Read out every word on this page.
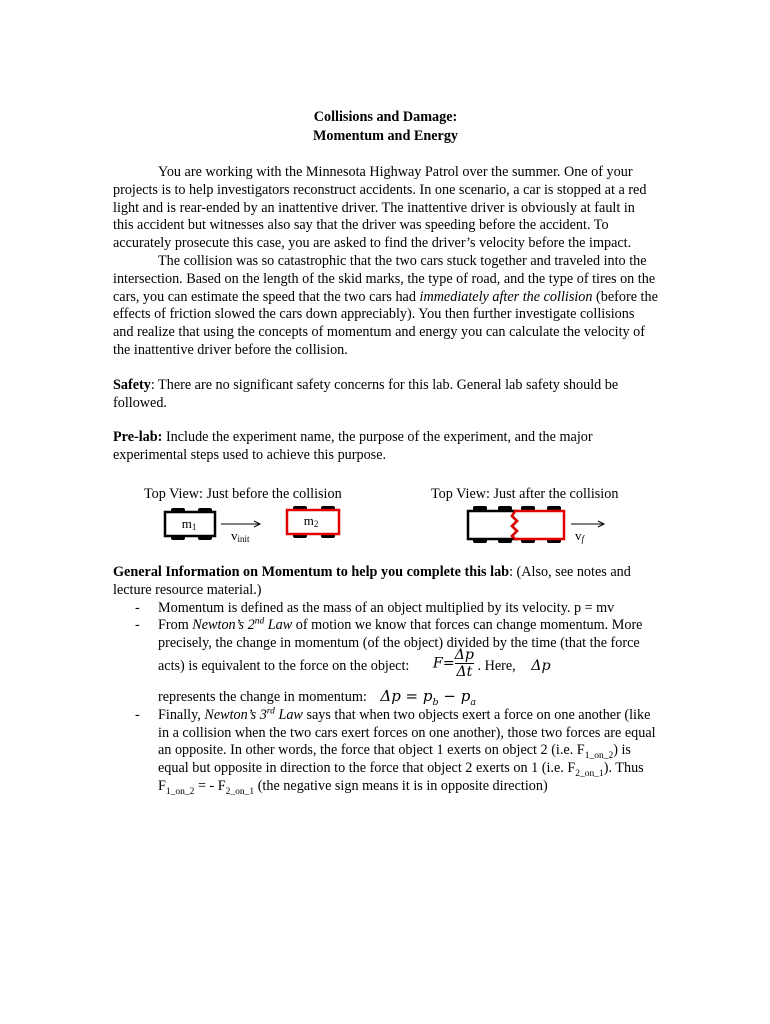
Collisions and Damage:
Momentum and Energy

You are working with the Minnesota Highway Patrol over the summer. One of your projects is to help investigators reconstruct accidents. In one scenario, a car is stopped at a red light and is rear-ended by an inattentive driver. The inattentive driver is obviously at fault in this accident but witnesses also say that the driver was speeding before the accident. To accurately prosecute this case, you are asked to find the driver’s velocity before the impact.

The collision was so catastrophic that the two cars stuck together and traveled into the intersection. Based on the length of the skid marks, the type of road, and the type of tires on the cars, you can estimate the speed that the two cars had immediately after the collision (before the effects of friction slowed the cars down appreciably). You then further investigate collisions and realize that using the concepts of momentum and energy you can calculate the velocity of the inattentive driver before the collision.

Safety: There are no significant safety concerns for this lab. General lab safety should be followed.

Pre-lab: Include the experiment name, the purpose of the experiment, and the major experimental steps used to achieve this purpose.

Top View: Just before the collision	Top View: Just after the collision
m1
vinit
m2
vf

General Information on Momentum to help you complete this lab: (Also, see notes and lecture resource material.)

- Momentum is defined as the mass of an object multiplied by its velocity. p = mv
- From Newton’s 2nd Law of motion we know that forces can change momentum. More precisely, the change in momentum (of the object) divided by the time (that the force acts) is equivalent to the force on the object: $F= \frac{\Delta p}{\Delta t}$ . Here, Δp
represents the change in momentum: $\Delta p = p_b - p_a$
- Finally, Newton’s 3rd Law says that when two objects exert a force on one another (like in a collision when the two cars exert forces on one another), those two forces are equal an opposite. In other words, the force that object 1 exerts on object 2 (i.e. $F_{1\_on\_2}$) is equal but opposite in direction to the force that object 2 exerts on 1 (i.e. $F_{2\_on\_1}$). Thus $F_{1\_on\_2}$ = - $F_{2\_on\_1}$ (the negative sign means it is in opposite direction)
